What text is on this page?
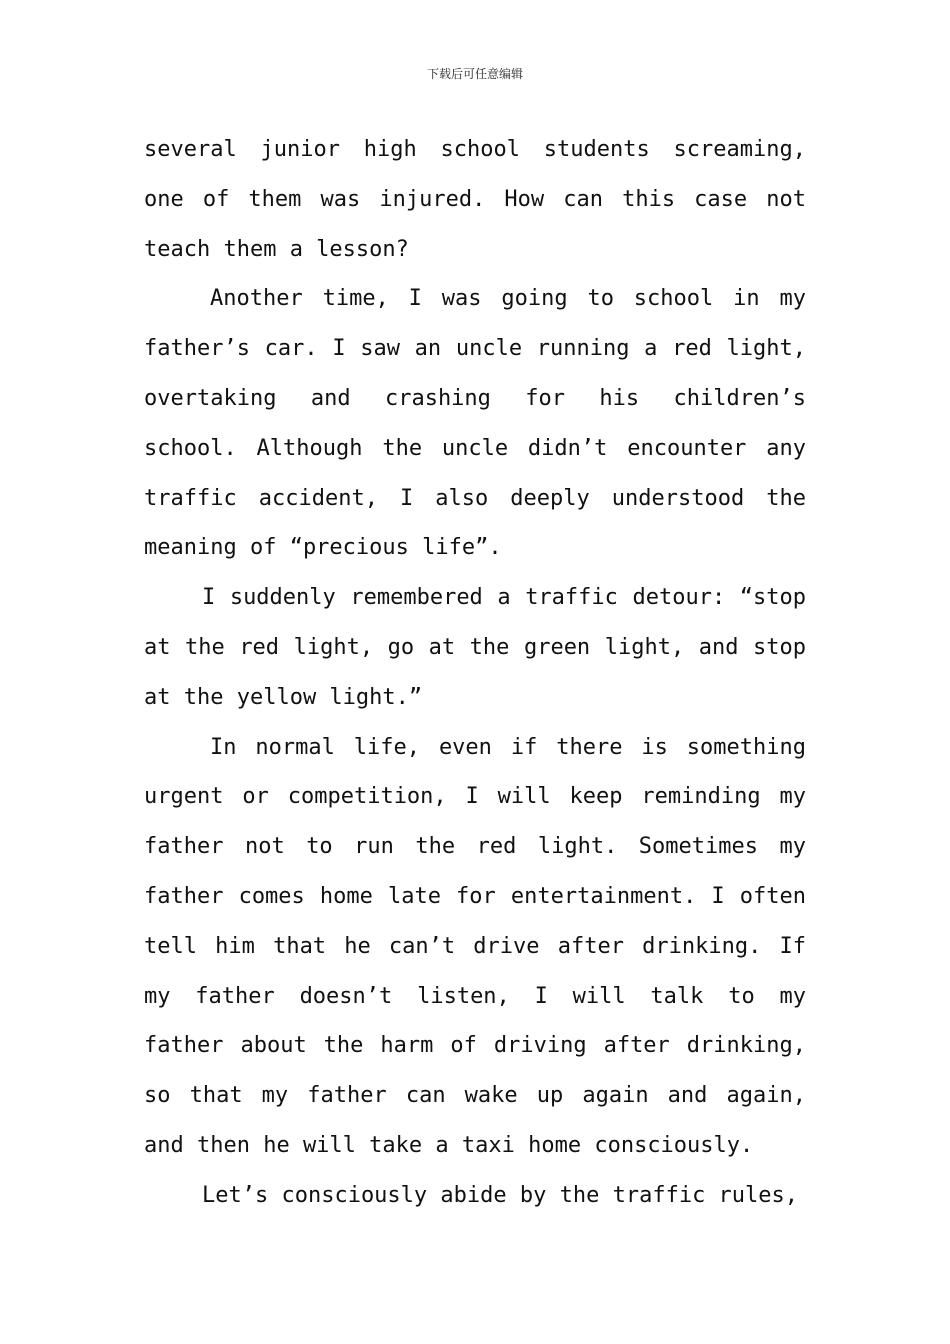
下载后可任意编辑

several junior high school students screaming, one of them was injured. How can this case not teach them a lesson?

Another time, I was going to school in my father’s car. I saw an uncle running a red light, overtaking and crashing for his children’s school. Although the uncle didn’t encounter any traffic accident, I also deeply understood the meaning of “precious life”.

I suddenly remembered a traffic detour: “stop at the red light, go at the green light, and stop at the yellow light.”

In normal life, even if there is something urgent or competition, I will keep reminding my father not to run the red light. Sometimes my father comes home late for entertainment. I often tell him that he can’t drive after drinking. If my father doesn’t listen, I will talk to my father about the harm of driving after drinking, so that my father can wake up again and again, and then he will take a taxi home consciously.

Let’s consciously abide by the traffic rules,
